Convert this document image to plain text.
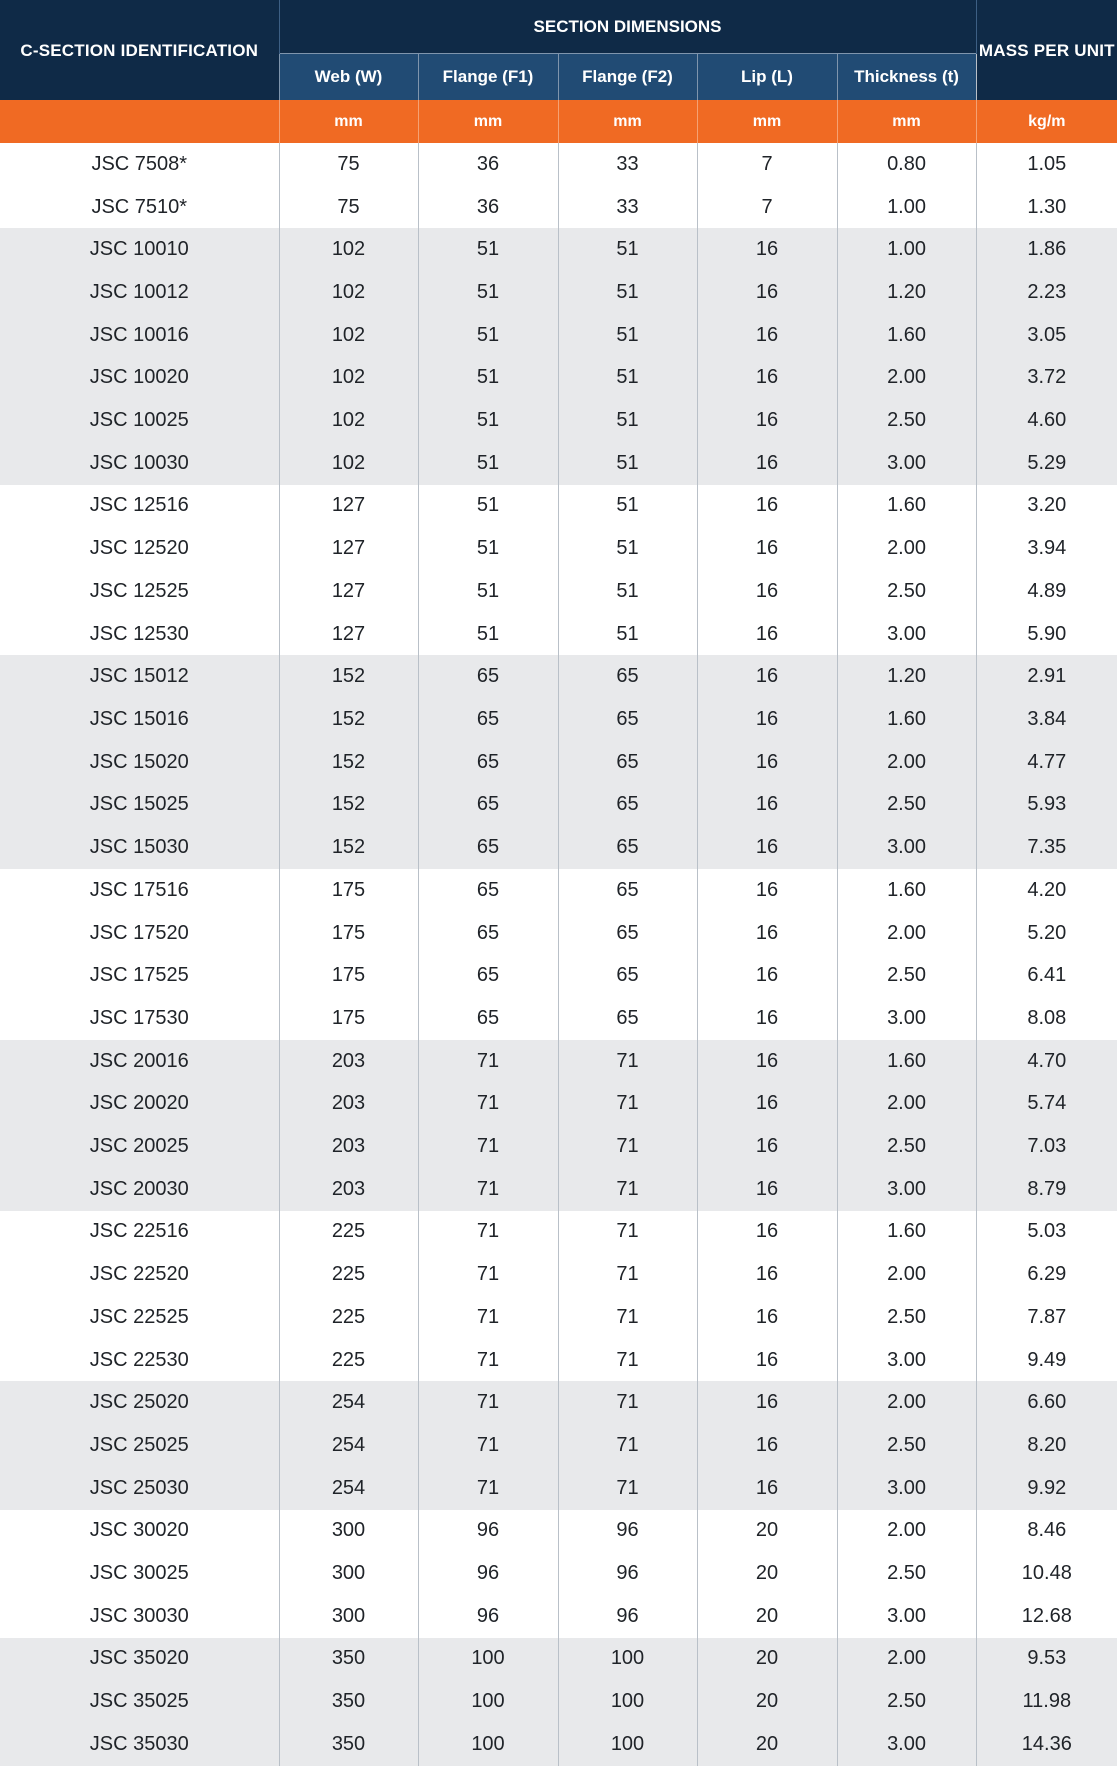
C-SECTION IDENTIFICATION	SECTION DIMENSIONS					MASS PER UNIT
	Web (W)	Flange (F1)	Flange (F2)	Lip (L)	Thickness (t)	
	mm	mm	mm	mm	mm	kg/m
JSC 7508*	75	36	33	7	0.80	1.05
JSC 7510*	75	36	33	7	1.00	1.30
JSC 10010	102	51	51	16	1.00	1.86
JSC 10012	102	51	51	16	1.20	2.23
JSC 10016	102	51	51	16	1.60	3.05
JSC 10020	102	51	51	16	2.00	3.72
JSC 10025	102	51	51	16	2.50	4.60
JSC 10030	102	51	51	16	3.00	5.29
JSC 12516	127	51	51	16	1.60	3.20
JSC 12520	127	51	51	16	2.00	3.94
JSC 12525	127	51	51	16	2.50	4.89
JSC 12530	127	51	51	16	3.00	5.90
JSC 15012	152	65	65	16	1.20	2.91
JSC 15016	152	65	65	16	1.60	3.84
JSC 15020	152	65	65	16	2.00	4.77
JSC 15025	152	65	65	16	2.50	5.93
JSC 15030	152	65	65	16	3.00	7.35
JSC 17516	175	65	65	16	1.60	4.20
JSC 17520	175	65	65	16	2.00	5.20
JSC 17525	175	65	65	16	2.50	6.41
JSC 17530	175	65	65	16	3.00	8.08
JSC 20016	203	71	71	16	1.60	4.70
JSC 20020	203	71	71	16	2.00	5.74
JSC 20025	203	71	71	16	2.50	7.03
JSC 20030	203	71	71	16	3.00	8.79
JSC 22516	225	71	71	16	1.60	5.03
JSC 22520	225	71	71	16	2.00	6.29
JSC 22525	225	71	71	16	2.50	7.87
JSC 22530	225	71	71	16	3.00	9.49
JSC 25020	254	71	71	16	2.00	6.60
JSC 25025	254	71	71	16	2.50	8.20
JSC 25030	254	71	71	16	3.00	9.92
JSC 30020	300	96	96	20	2.00	8.46
JSC 30025	300	96	96	20	2.50	10.48
JSC 30030	300	96	96	20	3.00	12.68
JSC 35020	350	100	100	20	2.00	9.53
JSC 35025	350	100	100	20	2.50	11.98
JSC 35030	350	100	100	20	3.00	14.36
